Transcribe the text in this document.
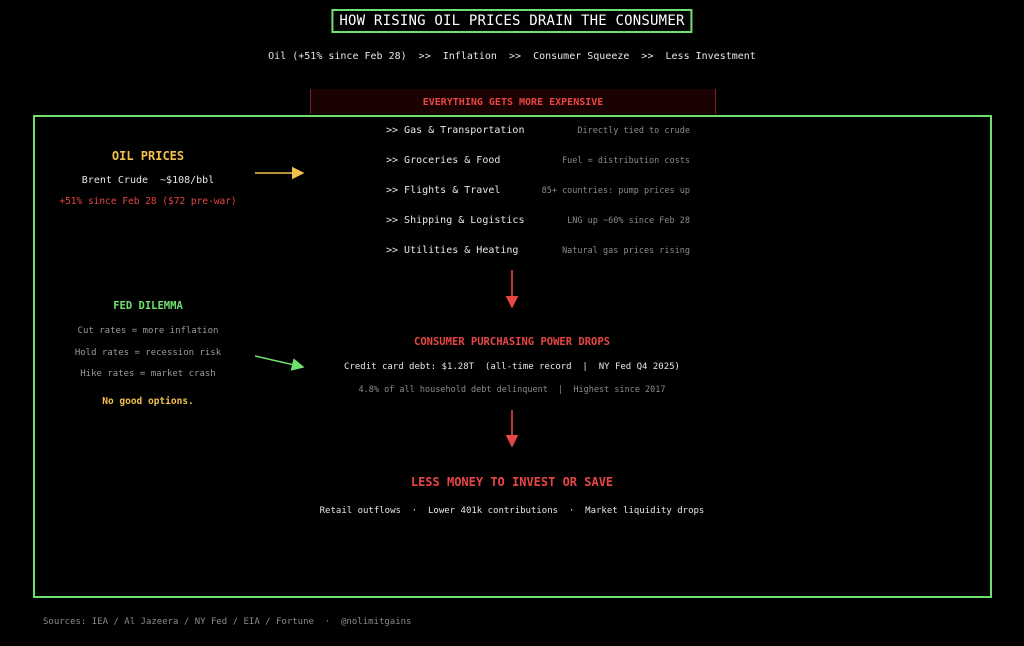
HOW RISING OIL PRICES DRAIN THE CONSUMER
Oil (+51% since Feb 28)  >>  Inflation  >>  Consumer Squeeze  >>  Less Investment
EVERYTHING GETS MORE EXPENSIVE
OIL PRICES
Brent Crude  ~$108/bbl
+51% since Feb 28 ($72 pre-war)
>> Gas & Transportation	Directly tied to crude
>> Groceries & Food	Fuel = distribution costs
>> Flights & Travel	85+ countries: pump prices up
>> Shipping & Logistics	LNG up ~60% since Feb 28
>> Utilities & Heating	Natural gas prices rising
FED DILEMMA
Cut rates = more inflation
Hold rates = recession risk
Hike rates = market crash
No good options.
CONSUMER PURCHASING POWER DROPS
Credit card debt: $1.28T  (all-time record  |  NY Fed Q4 2025)
4.8% of all household debt delinquent  |  Highest since 2017
LESS MONEY TO INVEST OR SAVE
Retail outflows  ·  Lower 401k contributions  ·  Market liquidity drops
Sources: IEA / Al Jazeera / NY Fed / EIA / Fortune  ·  @nolimitgains
